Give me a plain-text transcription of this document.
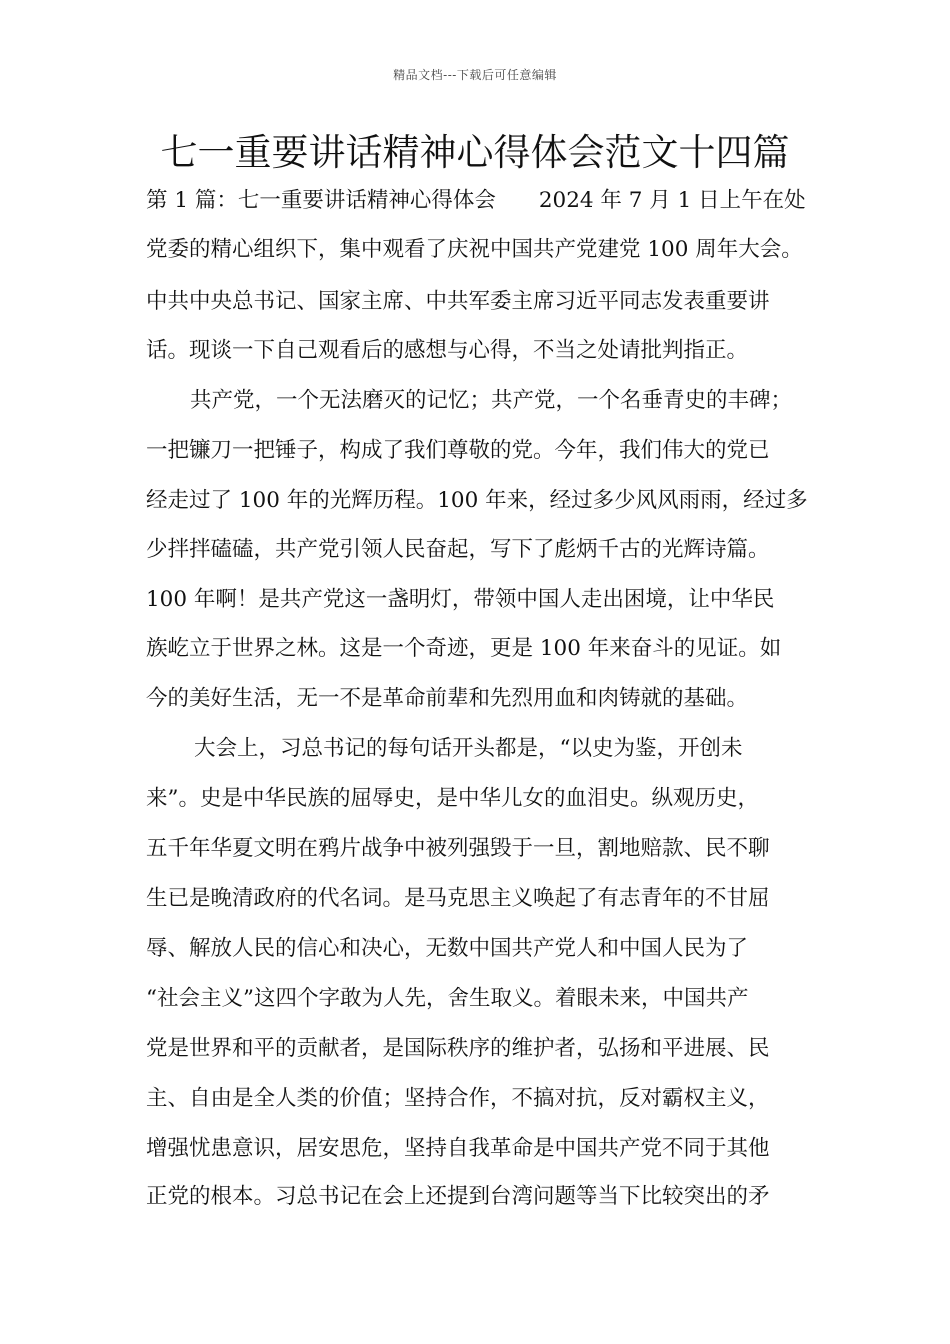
精品文档---下载后可任意编辑
七一重要讲话精神心得体会范文十四篇
第 1 篇：七一重要讲话精神心得体会　　2024 年 7 月 1 日上午在处
党委的精心组织下，集中观看了庆祝中国共产党建党 100 周年大会。
中共中央总书记、国家主席、中共军委主席习近平同志发表重要讲
话。现谈一下自己观看后的感想与心得，不当之处请批判指正。
共产党，一个无法磨灭的记忆；共产党，一个名垂青史的丰碑；
一把镰刀一把锤子，构成了我们尊敬的党。今年，我们伟大的党已
经走过了 100 年的光辉历程。100 年来，经过多少风风雨雨，经过多
少拌拌磕磕，共产党引领人民奋起，写下了彪炳千古的光辉诗篇。
100 年啊！是共产党这一盏明灯，带领中国人走出困境，让中华民
族屹立于世界之林。这是一个奇迹，更是 100 年来奋斗的见证。如
今的美好生活，无一不是革命前辈和先烈用血和肉铸就的基础。
大会上，习总书记的每句话开头都是，“以史为鉴，开创未
来”。史是中华民族的屈辱史，是中华儿女的血泪史。纵观历史，
五千年华夏文明在鸦片战争中被列强毁于一旦，割地赔款、民不聊
生已是晚清政府的代名词。是马克思主义唤起了有志青年的不甘屈
辱、解放人民的信心和决心，无数中国共产党人和中国人民为了
“社会主义”这四个字敢为人先，舍生取义。着眼未来，中国共产
党是世界和平的贡献者，是国际秩序的维护者，弘扬和平进展、民
主、自由是全人类的价值；坚持合作，不搞对抗，反对霸权主义，
增强忧患意识，居安思危，坚持自我革命是中国共产党不同于其他
正党的根本。习总书记在会上还提到台湾问题等当下比较突出的矛
